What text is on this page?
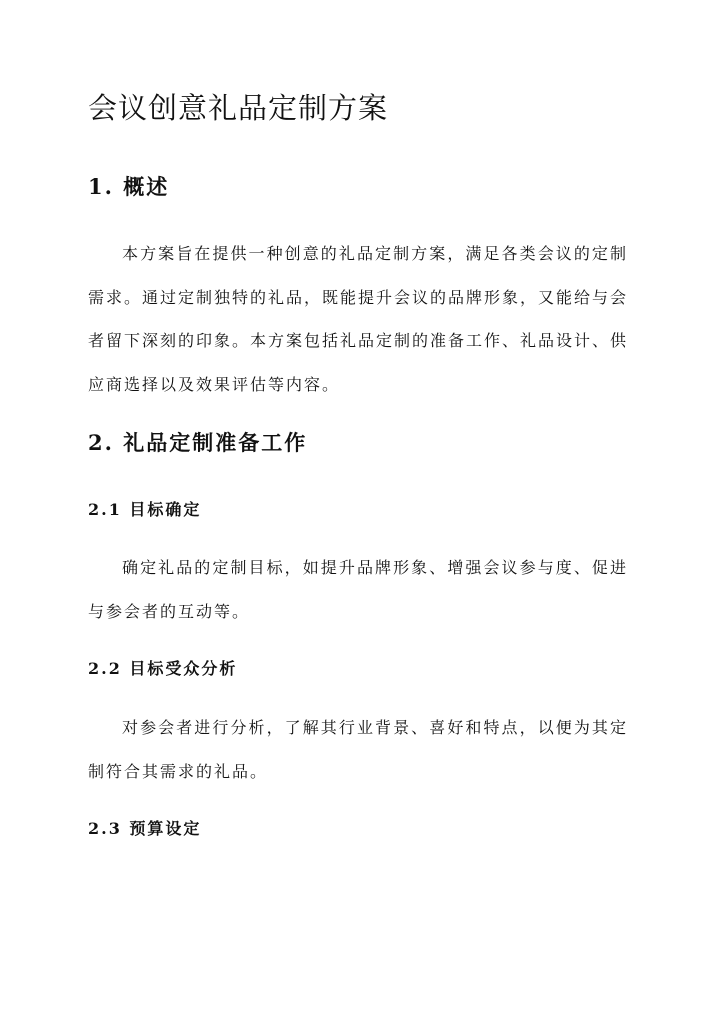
会议创意礼品定制方案
1. 概述

本方案旨在提供一种创意的礼品定制方案，满足各类会议的定制需求。通过定制独特的礼品，既能提升会议的品牌形象，又能给与会者留下深刻的印象。本方案包括礼品定制的准备工作、礼品设计、供应商选择以及效果评估等内容。

2. 礼品定制准备工作
2.1 目标确定

确定礼品的定制目标，如提升品牌形象、增强会议参与度、促进与参会者的互动等。

2.2 目标受众分析

对参会者进行分析，了解其行业背景、喜好和特点，以便为其定制符合其需求的礼品。

2.3 预算设定
